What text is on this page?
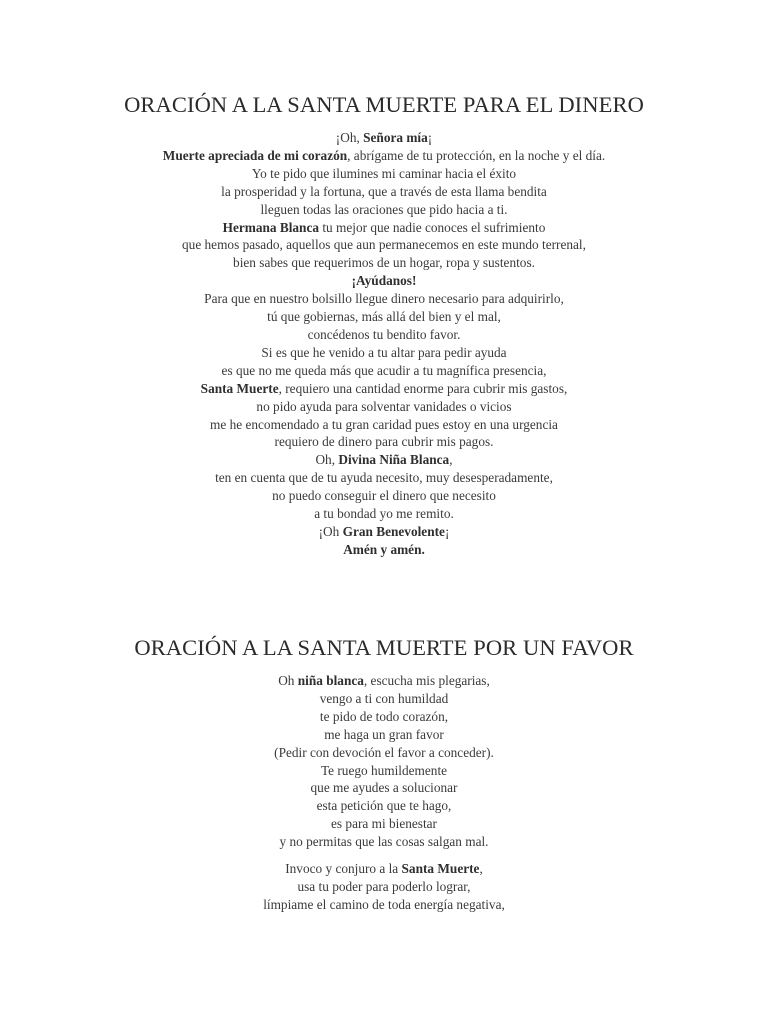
ORACIÓN A LA SANTA MUERTE PARA EL DINERO
¡Oh, Señora mía¡
Muerte apreciada de mi corazón, abrígame de tu protección, en la noche y el día.
Yo te pido que ilumines mi caminar hacia el éxito
la prosperidad y la fortuna, que a través de esta llama bendita
lleguen todas las oraciones que pido hacia a ti.
Hermana Blanca tu mejor que nadie conoces el sufrimiento
que hemos pasado, aquellos que aun permanecemos en este mundo terrenal,
bien sabes que requerimos de un hogar, ropa y sustentos.
¡Ayúdanos!
Para que en nuestro bolsillo llegue dinero necesario para adquirirlo,
tú que gobiernas, más allá del bien y el mal,
concédenos tu bendito favor.
Si es que he venido a tu altar para pedir ayuda
es que no me queda más que acudir a tu magnífica presencia,
Santa Muerte, requiero una cantidad enorme para cubrir mis gastos,
no pido ayuda para solventar vanidades o vicios
me he encomendado a tu gran caridad pues estoy en una urgencia
requiero de dinero para cubrir mis pagos.
Oh, Divina Niña Blanca,
ten en cuenta que de tu ayuda necesito, muy desesperadamente,
no puedo conseguir el dinero que necesito
a tu bondad yo me remito.
¡Oh Gran Benevolente¡
Amén y amén.
ORACIÓN A LA SANTA MUERTE POR UN FAVOR
Oh niña blanca, escucha mis plegarias,
vengo a ti con humildad
te pido de todo corazón,
me haga un gran favor
(Pedir con devoción el favor a conceder).
Te ruego humildemente
que me ayudes a solucionar
esta petición que te hago,
es para mi bienestar
y no permitas que las cosas salgan mal.
Invoco y conjuro a la Santa Muerte,
usa tu poder para poderlo lograr,
límpiame el camino de toda energía negativa,
